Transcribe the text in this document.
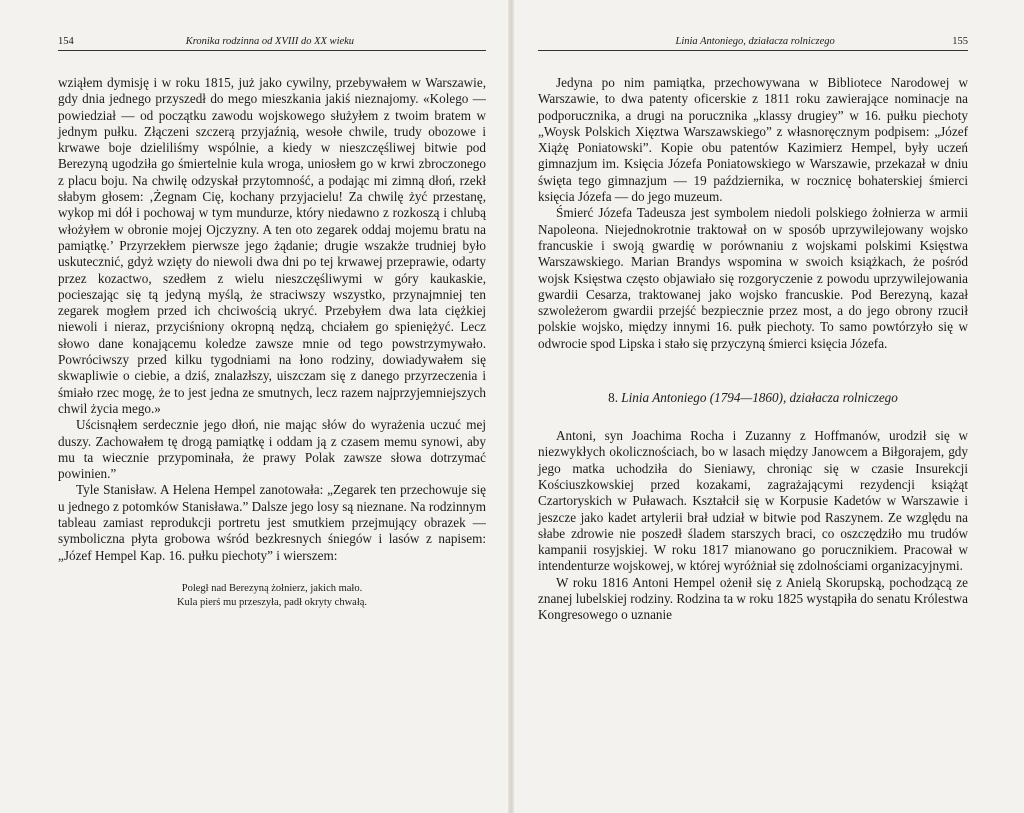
154	Kronika rodzinna od XVIII do XX wieku

wziąłem dymisję i w roku 1815, już jako cywilny, przebywałem w Warszawie, gdy dnia jednego przyszedł do mego mieszkania jakiś nieznajomy. «Kolego — powiedział — od początku zawodu wojskowego służyłem z twoim bratem w jednym pułku. Złączeni szczerą przyjaźnią, wesołe chwile, trudy obozowe i krwawe boje dzieliliśmy wspólnie, a kiedy w nieszczęśliwej bitwie pod Berezyną ugodziła go śmiertelnie kula wroga, uniosłem go w krwi zbroczonego z placu boju. Na chwilę odzyskał przytomność, a podając mi zimną dłoń, rzekł słabym głosem: ‚Żegnam Cię, kochany przyjacielu! Za chwilę żyć przestanę, wykop mi dół i pochowaj w tym mundurze, który niedawno z rozkoszą i chlubą włożyłem w obronie mojej Ojczyzny. A ten oto zegarek oddaj mojemu bratu na pamiątkę.’ Przyrzekłem pierwsze jego żądanie; drugie wszakże trudniej było uskutecznić, gdyż wzięty do niewoli dwa dni po tej krwawej przeprawie, odarty przez kozactwo, szedłem z wielu nieszczęśliwymi w góry kaukaskie, pocieszając się tą jedyną myślą, że straciwszy wszystko, przynajmniej ten zegarek mogłem przed ich chciwością ukryć. Przebyłem dwa lata ciężkiej niewoli i nieraz, przyciśniony okropną nędzą, chciałem go spieniężyć. Lecz słowo dane konającemu koledze zawsze mnie od tego powstrzymywało. Powróciwszy przed kilku tygodniami na łono rodziny, dowiadywałem się skwapliwie o ciebie, a dziś, znalazłszy, uiszczam się z danego przyrzeczenia i śmiało rzec mogę, że to jest jedna ze smutnych, lecz razem najprzyjemniejszych chwil życia mego.»

Uścisnąłem serdecznie jego dłoń, nie mając słów do wyrażenia uczuć mej duszy. Zachowałem tę drogą pamiątkę i oddam ją z czasem memu synowi, aby mu ta wiecznie przypominała, że prawy Polak zawsze słowa dotrzymać powinien.”

Tyle Stanisław. A Helena Hempel zanotowała: „Zegarek ten przechowuje się u jednego z potomków Stanisława.” Dalsze jego losy są nieznane. Na rodzinnym tableau zamiast reprodukcji portretu jest smutkiem przejmujący obrazek — symboliczna płyta grobowa wśród bezkresnych śniegów i lasów z napisem: „Józef Hempel Kap. 16. pułku piechoty” i wierszem:

Poległ nad Berezyną żołnierz, jakich mało.
Kula pierś mu przeszyła, padł okryty chwałą.
Linia Antoniego, działacza rolniczego	155

Jedyna po nim pamiątka, przechowywana w Bibliotece Narodowej w Warszawie, to dwa patenty oficerskie z 1811 roku zawierające nominacje na podporucznika, a drugi na porucznika „klassy drugiey” w 16. pułku piechoty „Woysk Polskich Xięztwa Warszawskiego” z własnoręcznym podpisem: „Józef Xiążę Poniatowski”. Kopie obu patentów Kazimierz Hempel, były uczeń gimnazjum im. Księcia Józefa Poniatowskiego w Warszawie, przekazał w dniu święta tego gimnazjum — 19 października, w rocznicę bohaterskiej śmierci księcia Józefa — do jego muzeum.

Śmierć Józefa Tadeusza jest symbolem niedoli polskiego żołnierza w armii Napoleona. Niejednokrotnie traktował on w sposób uprzywilejowany wojsko francuskie i swoją gwardię w porównaniu z wojskami polskimi Księstwa Warszawskiego. Marian Brandys wspomina w swoich książkach, że pośród wojsk Księstwa często objawiało się rozgoryczenie z powodu uprzywilejowania gwardii Cesarza, traktowanej jako wojsko francuskie. Pod Berezyną, kazał szwoleżerom gwardii przejść bezpiecznie przez most, a do jego obrony rzucił polskie wojsko, między innymi 16. pułk piechoty. To samo powtórzyło się w odwrocie spod Lipska i stało się przyczyną śmierci księcia Józefa.

8. Linia Antoniego (1794—1860), działacza rolniczego

Antoni, syn Joachima Rocha i Zuzanny z Hoffmanów, urodził się w niezwykłych okolicznościach, bo w lasach między Janowcem a Biłgorajem, gdy jego matka uchodziła do Sieniawy, chroniąc się w czasie Insurekcji Kościuszkowskiej przed kozakami, zagrażającymi rezydencji książąt Czartoryskich w Puławach. Kształcił się w Korpusie Kadetów w Warszawie i jeszcze jako kadet artylerii brał udział w bitwie pod Raszynem. Ze względu na słabe zdrowie nie poszedł śladem starszych braci, co oszczędziło mu trudów kampanii rosyjskiej. W roku 1817 mianowano go porucznikiem. Pracował w intendenturze wojskowej, w której wyróżniał się zdolnościami organizacyjnymi.

W roku 1816 Antoni Hempel ożenił się z Anielą Skorupską, pochodzącą ze znanej lubelskiej rodziny. Rodzina ta w roku 1825 wystąpiła do senatu Królestwa Kongresowego o uznanie
